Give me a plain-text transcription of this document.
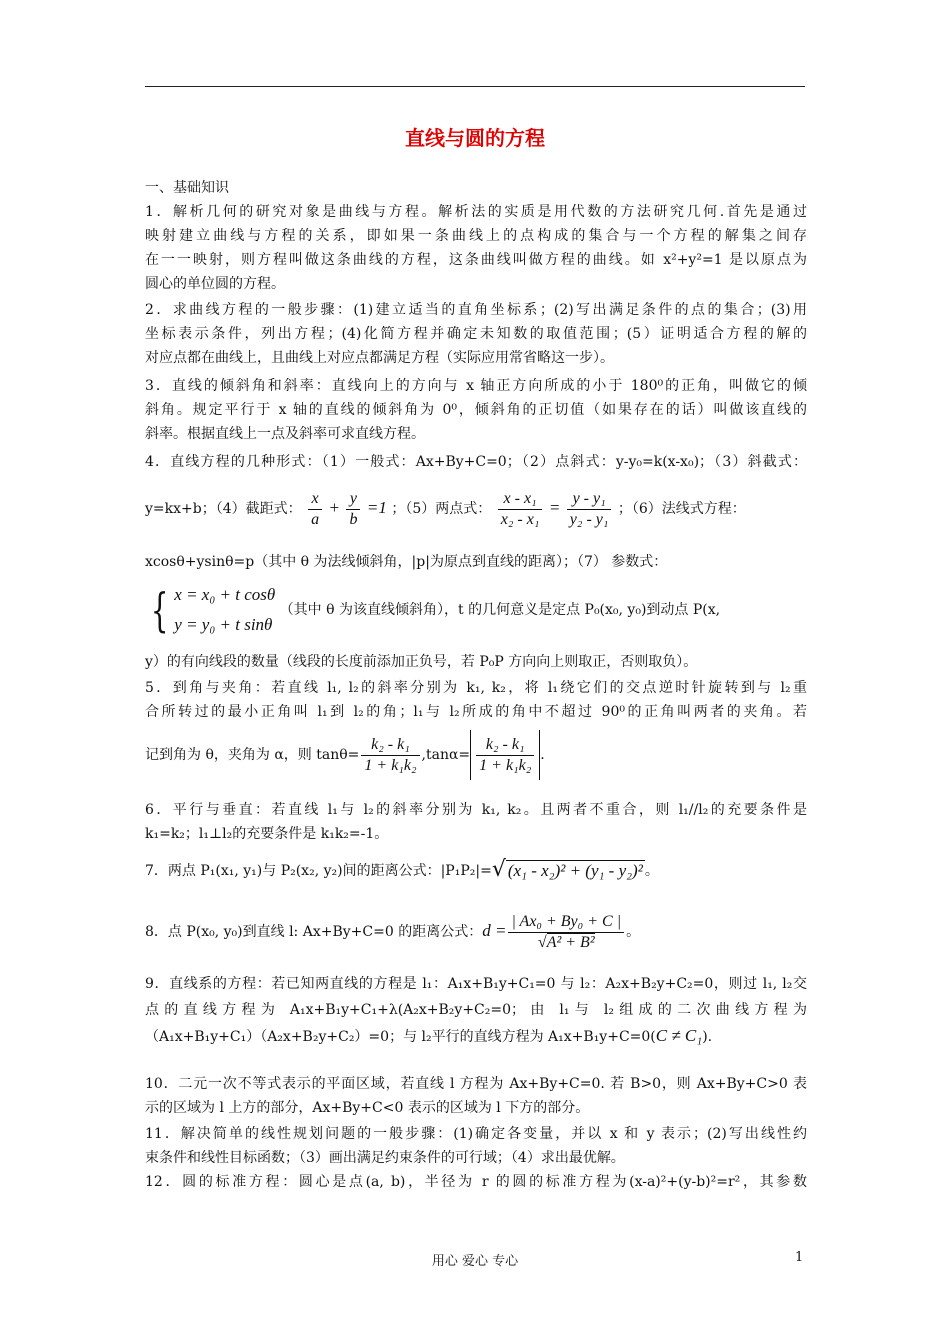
直线与圆的方程
一、基础知识
1．解析几何的研究对象是曲线与方程。解析法的实质是用代数的方法研究几何.首先是通过
映射建立曲线与方程的关系，即如果一条曲线上的点构成的集合与一个方程的解集之间存
在一一映射，则方程叫做这条曲线的方程，这条曲线叫做方程的曲线。如 x²+y²=1 是以原点为
圆心的单位圆的方程。
2．求曲线方程的一般步骤：(1)建立适当的直角坐标系；(2)写出满足条件的点的集合；(3)用
坐标表示条件，列出方程；(4)化简方程并确定未知数的取值范围；(5）证明适合方程的解的
对应点都在曲线上，且曲线上对应点都满足方程（实际应用常省略这一步）。
3．直线的倾斜角和斜率：直线向上的方向与 x 轴正方向所成的小于 180⁰的正角，叫做它的倾
斜角。规定平行于 x 轴的直线的倾斜角为 0⁰，倾斜角的正切值（如果存在的话）叫做该直线的
斜率。根据直线上一点及斜率可求直线方程。
4．直线方程的几种形式：（1）一般式：Ax+By+C=0；（2）点斜式：y-y₀=k(x-x₀)；（3）斜截式：
y=kx+b；（4）截距式： $\frac{x}{a} + \frac{y}{b} =1$ ；（5）两点式： $\frac{\text{x - x₁}}{\text{x₂ - x₁}} = \frac{\text{y - y₁}}{\text{y₂ - y₁}}$ ；（6）法线式方程：
xcosθ+ysinθ=p（其中 θ 为法线倾斜角，|p|为原点到直线的距离）；（7） 参数式：
{ x = x₀ + t cosθ
y = y₀ + t sinθ
（其中 θ 为该直线倾斜角），t 的几何意义是定点 P₀(x₀, y₀)到动点 P(x,
y）的有向线段的数量（线段的长度前添加正负号，若 P₀P 方向向上则取正，否则取负）。
5．到角与夹角：若直线 l₁, l₂的斜率分别为 k₁, k₂，将 l₁绕它们的交点逆时针旋转到与 l₂重
合所转过的最小正角叫 l₁到 l₂的角；l₁与 l₂所成的角中不超过 90⁰的正角叫两者的夹角。若
记到角为 θ，夹角为 α，则 $\tan\theta= \frac{\text{k₂ - k₁}}{\text{1 + k₁k₂}} ,\tan\alpha= \frac{\text{k₂ - k₁}}{\text{1 + k₁k₂}}$ .
6．平行与垂直：若直线 l₁与 l₂的斜率分别为 k₁, k₂。且两者不重合，则 l₁//l₂的充要条件是
k₁=k₂；l₁⊥l₂的充要条件是 k₁k₂=-1。
7．两点 P₁(x₁, y₁)与 P₂(x₂, y₂)间的距离公式：|P₁P₂|=√ (x₁ - x₂)² + (y₁ - y₂)² 。
8．点 P(x₀, y₀)到直线 l: Ax+By+C=0 的距离公式：$d = \frac{\text{| Ax₀ + By₀ + C |}}{\text{√A² + B²}}$ 。
9．直线系的方程：若已知两直线的方程是 l₁：A₁x+B₁y+C₁=0 与 l₂：A₂x+B₂y+C₂=0，则过 l₁, l₂交
点的直线方程为 A₁x+B₁y+C₁+λ(A₂x+B₂y+C₂=0；由 l₁与 l₂组成的二次曲线方程为
（A₁x+B₁y+C₁）（A₂x+B₂y+C₂）=0；与 l₂平行的直线方程为 A₁x+B₁y+C=0(C ≠ C₁).
10．二元一次不等式表示的平面区域，若直线 l 方程为 Ax+By+C=0. 若 B>0，则 Ax+By+C>0 表
示的区域为 l 上方的部分，Ax+By+C<0 表示的区域为 l 下方的部分。
11．解决简单的线性规划问题的一般步骤：(1)确定各变量，并以 x 和 y 表示；(2)写出线性约
束条件和线性目标函数；（3）画出满足约束条件的可行域；（4）求出最优解。
12．圆的标准方程：圆心是点(a, b)，半径为 r 的圆的标准方程为(x-a)²+(y-b)²=r²，其参数
用心 爱心 专心	1
